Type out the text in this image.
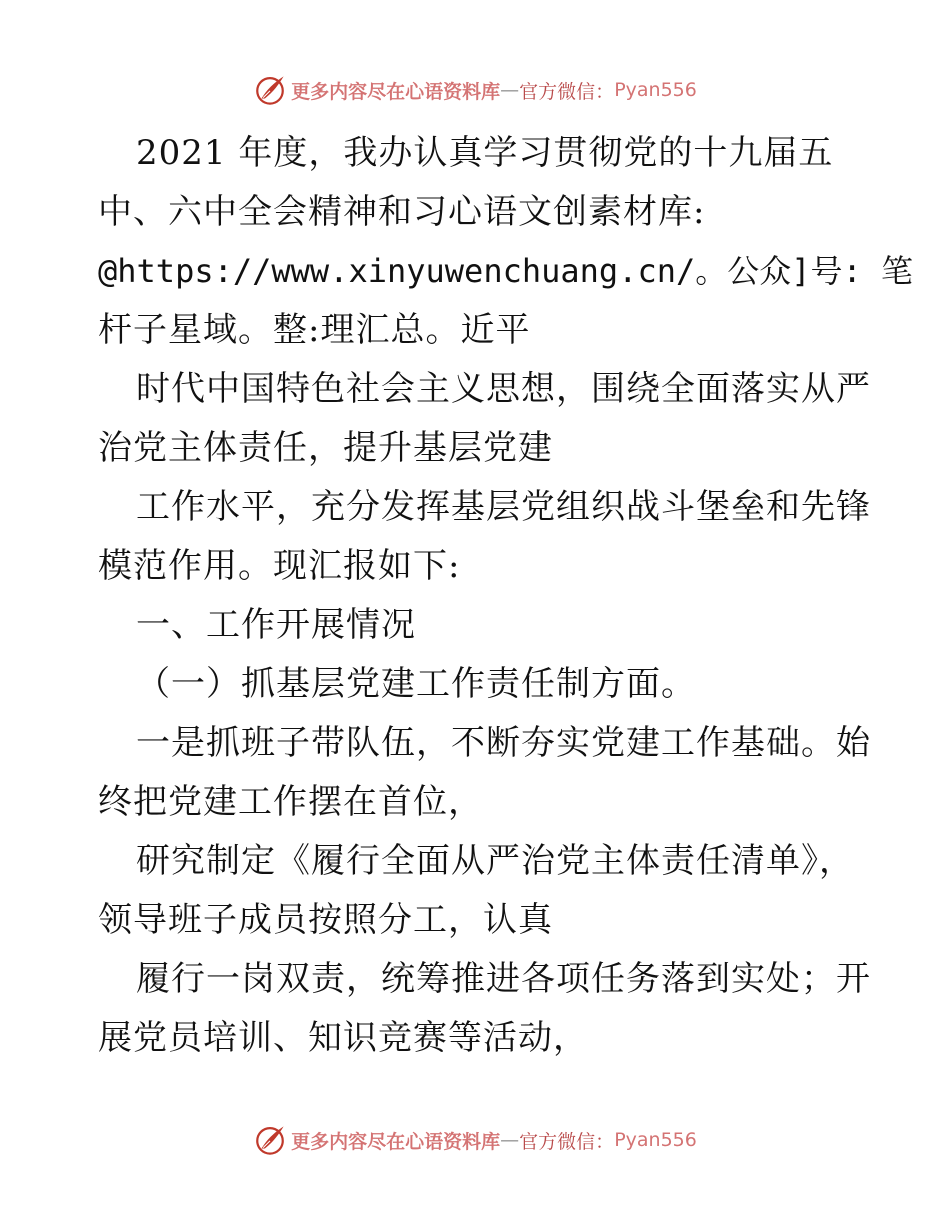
更多内容尽在心语资料库 — 官方微信： Pyan556
2021 年度，我办认真学习贯彻党的十九届五
中、六中全会精神和习心语文创素材库:
@https://www.xinyuwenchuang.cn/。公众]号: 笔
杆子星域。整:理汇总。近平
时代中国特色社会主义思想，围绕全面落实从严
治党主体责任，提升基层党建
工作水平，充分发挥基层党组织战斗堡垒和先锋
模范作用。现汇报如下:
一、工作开展情况
（一）抓基层党建工作责任制方面。
一是抓班子带队伍，不断夯实党建工作基础。始
终把党建工作摆在首位，
研究制定《履行全面从严治党主体责任清单》，
领导班子成员按照分工，认真
履行一岗双责，统筹推进各项任务落到实处；开
展党员培训、知识竞赛等活动，
更多内容尽在心语资料库 — 官方微信： Pyan556
